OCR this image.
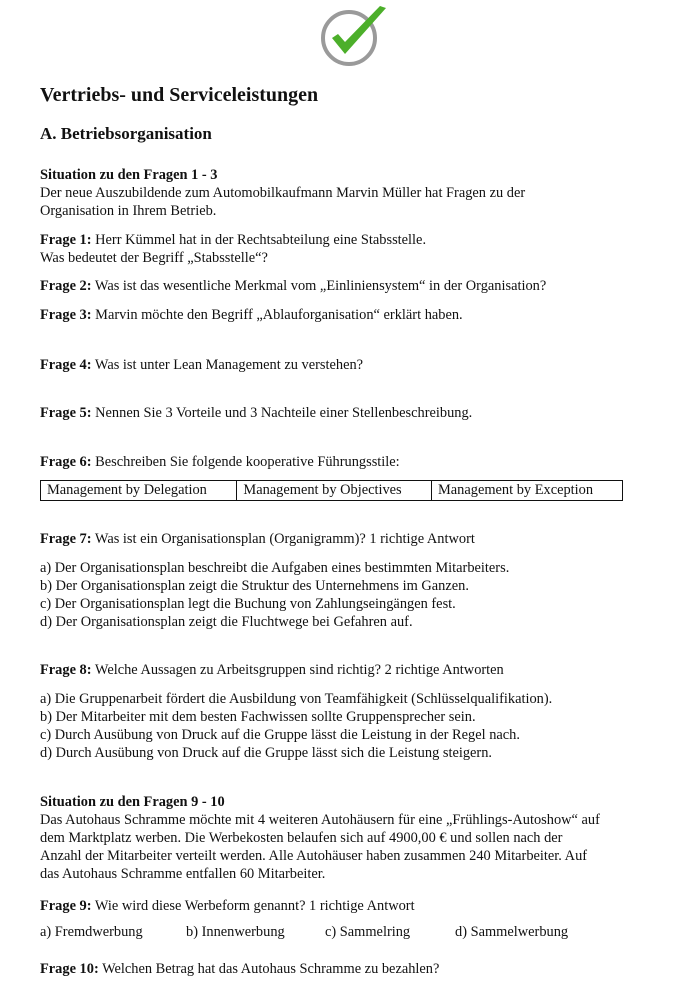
Vertriebs- und Serviceleistungen
A. Betriebsorganisation
Situation zu den Fragen 1 - 3
Der neue Auszubildende zum Automobilkaufmann Marvin Müller hat Fragen zu der
Organisation in Ihrem Betrieb.
Frage 1: Herr Kümmel hat in der Rechtsabteilung eine Stabsstelle.
Was bedeutet der Begriff „Stabsstelle“?
Frage 2: Was ist das wesentliche Merkmal vom „Einliniensystem“ in der Organisation?
Frage 3: Marvin möchte den Begriff „Ablauforganisation“ erklärt haben.
Frage 4: Was ist unter Lean Management zu verstehen?
Frage 5: Nennen Sie 3 Vorteile und 3 Nachteile einer Stellenbeschreibung.
Frage 6: Beschreiben Sie folgende kooperative Führungsstile:
Management by Delegation	Management by Objectives	Management by Exception
Frage 7: Was ist ein Organisationsplan (Organigramm)? 1 richtige Antwort
a) Der Organisationsplan beschreibt die Aufgaben eines bestimmten Mitarbeiters.
b) Der Organisationsplan zeigt die Struktur des Unternehmens im Ganzen.
c) Der Organisationsplan legt die Buchung von Zahlungseingängen fest.
d) Der Organisationsplan zeigt die Fluchtwege bei Gefahren auf.
Frage 8: Welche Aussagen zu Arbeitsgruppen sind richtig? 2 richtige Antworten
a) Die Gruppenarbeit fördert die Ausbildung von Teamfähigkeit (Schlüsselqualifikation).
b) Der Mitarbeiter mit dem besten Fachwissen sollte Gruppensprecher sein.
c) Durch Ausübung von Druck auf die Gruppe lässt die Leistung in der Regel nach.
d) Durch Ausübung von Druck auf die Gruppe lässt sich die Leistung steigern.
Situation zu den Fragen 9 - 10
Das Autohaus Schramme möchte mit 4 weiteren Autohäusern für eine „Frühlings-Autoshow“ auf
dem Marktplatz werben. Die Werbekosten belaufen sich auf 4900,00 € und sollen nach der
Anzahl der Mitarbeiter verteilt werden. Alle Autohäuser haben zusammen 240 Mitarbeiter. Auf
das Autohaus Schramme entfallen 60 Mitarbeiter.
Frage 9: Wie wird diese Werbeform genannt? 1 richtige Antwort
a) Fremdwerbung	b) Innenwerbung	c) Sammelring	d) Sammelwerbung
Frage 10: Welchen Betrag hat das Autohaus Schramme zu bezahlen?
